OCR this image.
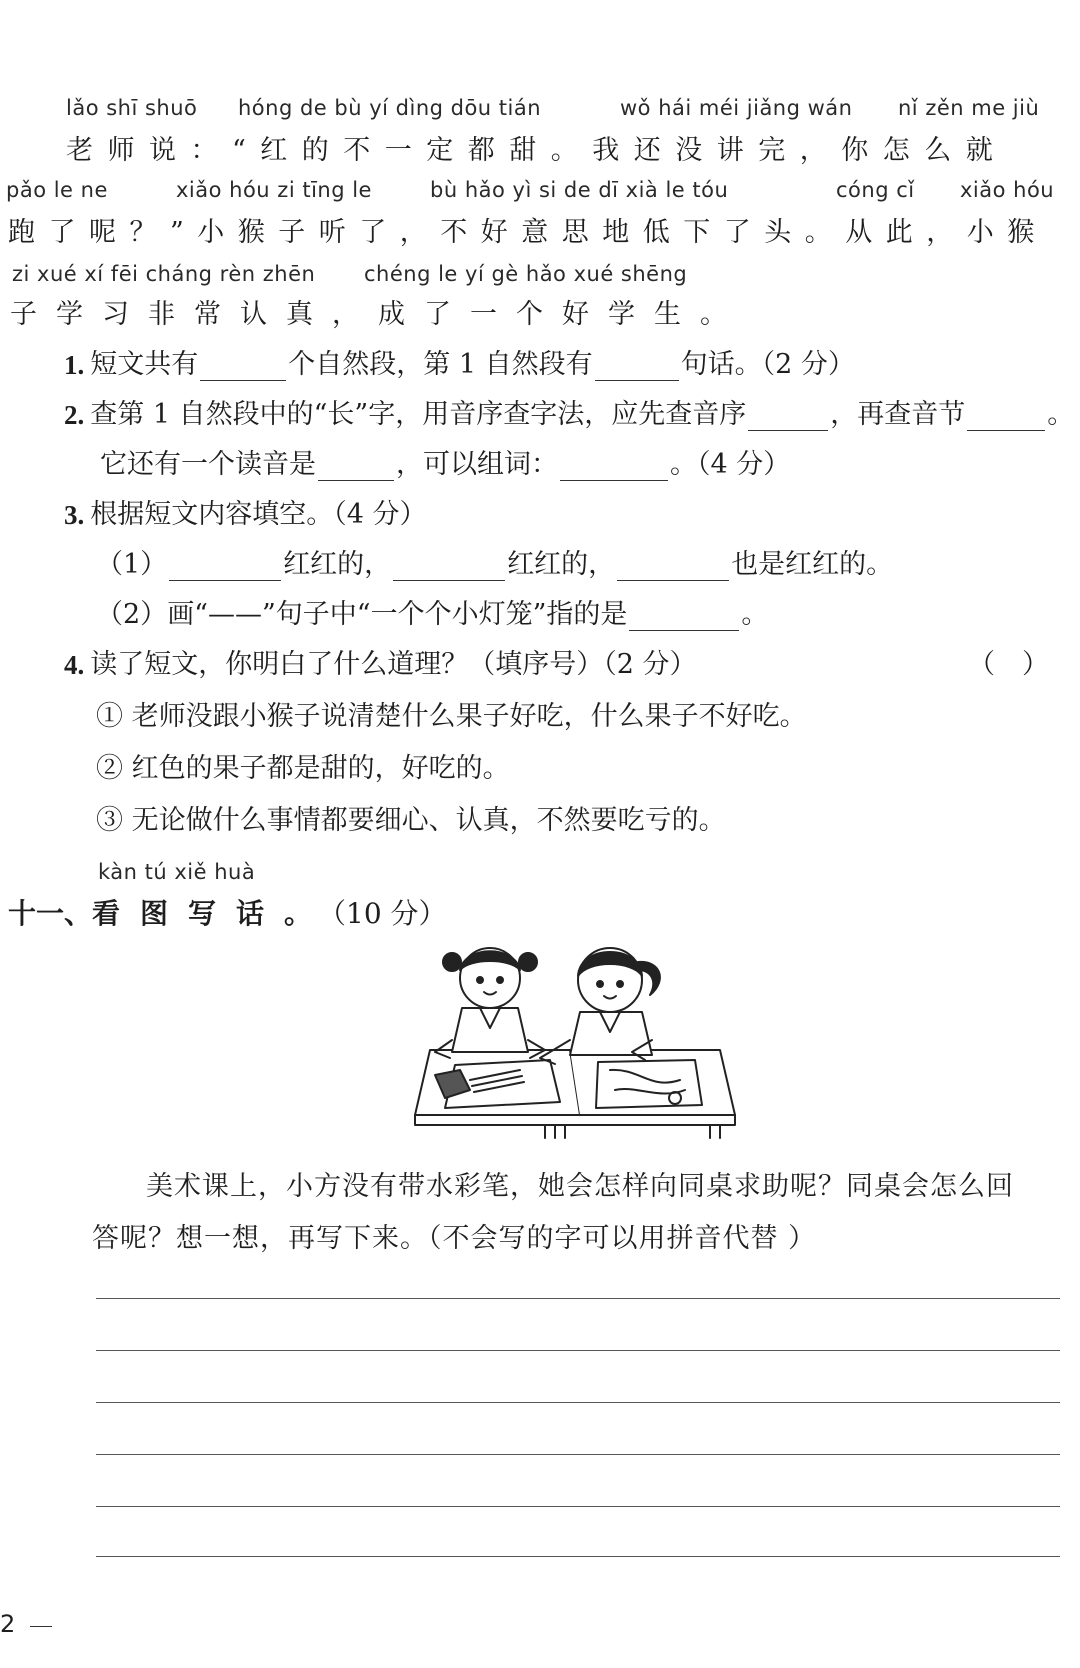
lǎo shī shuō hóng de bù yí dìng dōu tián	wǒ hái méi jiǎng wán nǐ zěn me jiù
老师说：“红的不一定都甜。我还没讲完，你怎么就
pǎo le ne	xiǎo hóu zi tīng le	bù hǎo yì si de dī xià le tóu	cóng cǐ xiǎo hóu
跑了呢？”小猴子听了，不好意思地低下了头。从此，小猴
zi xué xí fēi cháng rèn zhēn chéng le yí gè hǎo xué shēng
子学习非常认真，成了一个好学生。
1. 短文共有	个自然段，第 1 自然段有	句话。（2 分）
2. 查第 1 自然段中的“长”字，用音序查字法，应先查音序	，再查音节	。
它还有一个读音是	，可以组词：	。（4 分）
3. 根据短文内容填空。（4 分）
（1）	红红的，	红红的，	也是红红的。
（2） 画“——”句子中“一个个小灯笼”指的是	。
4. 读了短文，你明白了什么道理？（填序号）（2 分）	（　）
① 老师没跟小猴子说清楚什么果子好吃，什么果子不好吃。
② 红色的果子都是甜的，好吃的。
③ 无论做什么事情都要细心、认真，不然要吃亏的。
kàn tú xiě huà
十一、看图写话。（10 分）
美术课上，小方没有带水彩笔，她会怎样向同桌求助呢？同桌会怎么回
答呢？想一想，再写下来。（不会写的字可以用拼音代替 ）
2
